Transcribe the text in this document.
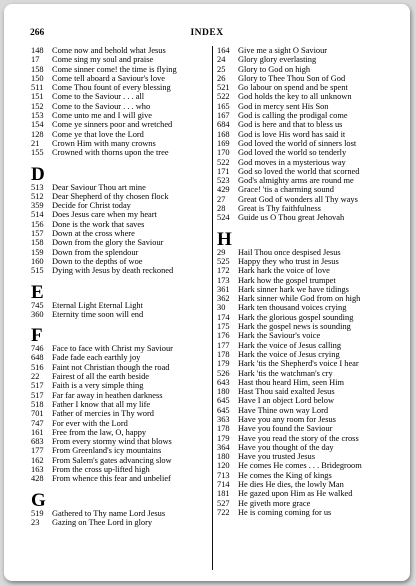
266	INDEX
148	Come now and behold what Jesus
17	Come sing my soul and praise
158	Come sinner come! the time is flying
150	Come tell aboard a Saviour's love
511	Come Thou fount of every blessing
151	Come to the Saviour . . . all
152	Come to the Saviour . . . who
153	Come unto me and I will give
154	Come ye sinners poor and wretched
128	Come ye that love the Lord
21	Crown Him with many crowns
155	Crowned with thorns upon the tree
D
513	Dear Saviour Thou art mine
512	Dear Shepherd of thy chosen flock
359	Decide for Christ today
514	Does Jesus care when my heart
156	Done is the work that saves
157	Down at the cross where
158	Down from the glory the Saviour
159	Down from the splendour
160	Down to the depths of woe
515	Dying with Jesus by death reckoned
E
745	Eternal Light Eternal Light
360	Eternity time soon will end
F
746	Face to face with Christ my Saviour
648	Fade fade each earthly joy
516	Faint not Christian though the road
22	Fairest of all the earth beside
517	Faith is a very simple thing
517	Far far away in heathen darkness
518	Father I know that all my life
701	Father of mercies in Thy word
747	For ever with the Lord
161	Free from the law, O, happy
683	From every stormy wind that blows
177	From Greenland's icy mountains
162	From Salem's gates advancing slow
163	From the cross up-lifted high
428	From whence this fear and unbelief
G
519	Gathered to Thy name Lord Jesus
23	Gazing on Thee Lord in glory
164	Give me a sight O Saviour
24	Glory glory everlasting
25	Glory to God on high
26	Glory to Thee Thou Son of God
521	Go labour on spend and be spent
522	God holds the key to all unknown
165	God in mercy sent His Son
167	God is calling the prodigal come
684	God is here and that to bless us
168	God is love His word has said it
169	God loved the world of sinners lost
170	God loved the world so tenderly
522	God moves in a mysterious way
171	God so loved the world that scorned
523	God's almighty arms are round me
429	Grace! 'tis a charming sound
27	Great God of wonders all Thy ways
28	Great is Thy faithfulness
524	Guide us O Thou great Jehovah
H
29	Hail Thou once despised Jesus
525	Happy they who trust in Jesus
172	Hark hark the voice of love
173	Hark how the gospel trumpet
361	Hark sinner hark we have tidings
362	Hark sinner while God from on high
30	Hark ten thousand voices crying
174	Hark the glorious gospel sounding
175	Hark the gospel news is sounding
176	Hark the Saviour's voice
177	Hark the voice of Jesus calling
178	Hark the voice of Jesus crying
179	Hark 'tis the Shepherd's voice I hear
526	Hark 'tis the watchman's cry
643	Hast thou heard Him, seen Him
180	Hast Thou said exalted Jesus
645	Have I an object Lord below
645	Have Thine own way Lord
363	Have you any room for Jesus
178	Have you found the Saviour
179	Have you read the story of the cross
364	Have you thought of the day
180	Have you trusted Jesus
120	He comes He comes . . . Bridegroom
713	He comes the King of kings
714	He dies He dies, the lowly Man
181	He gazed upon Him as He walked
527	He giveth more grace
722	He is coming coming for us
